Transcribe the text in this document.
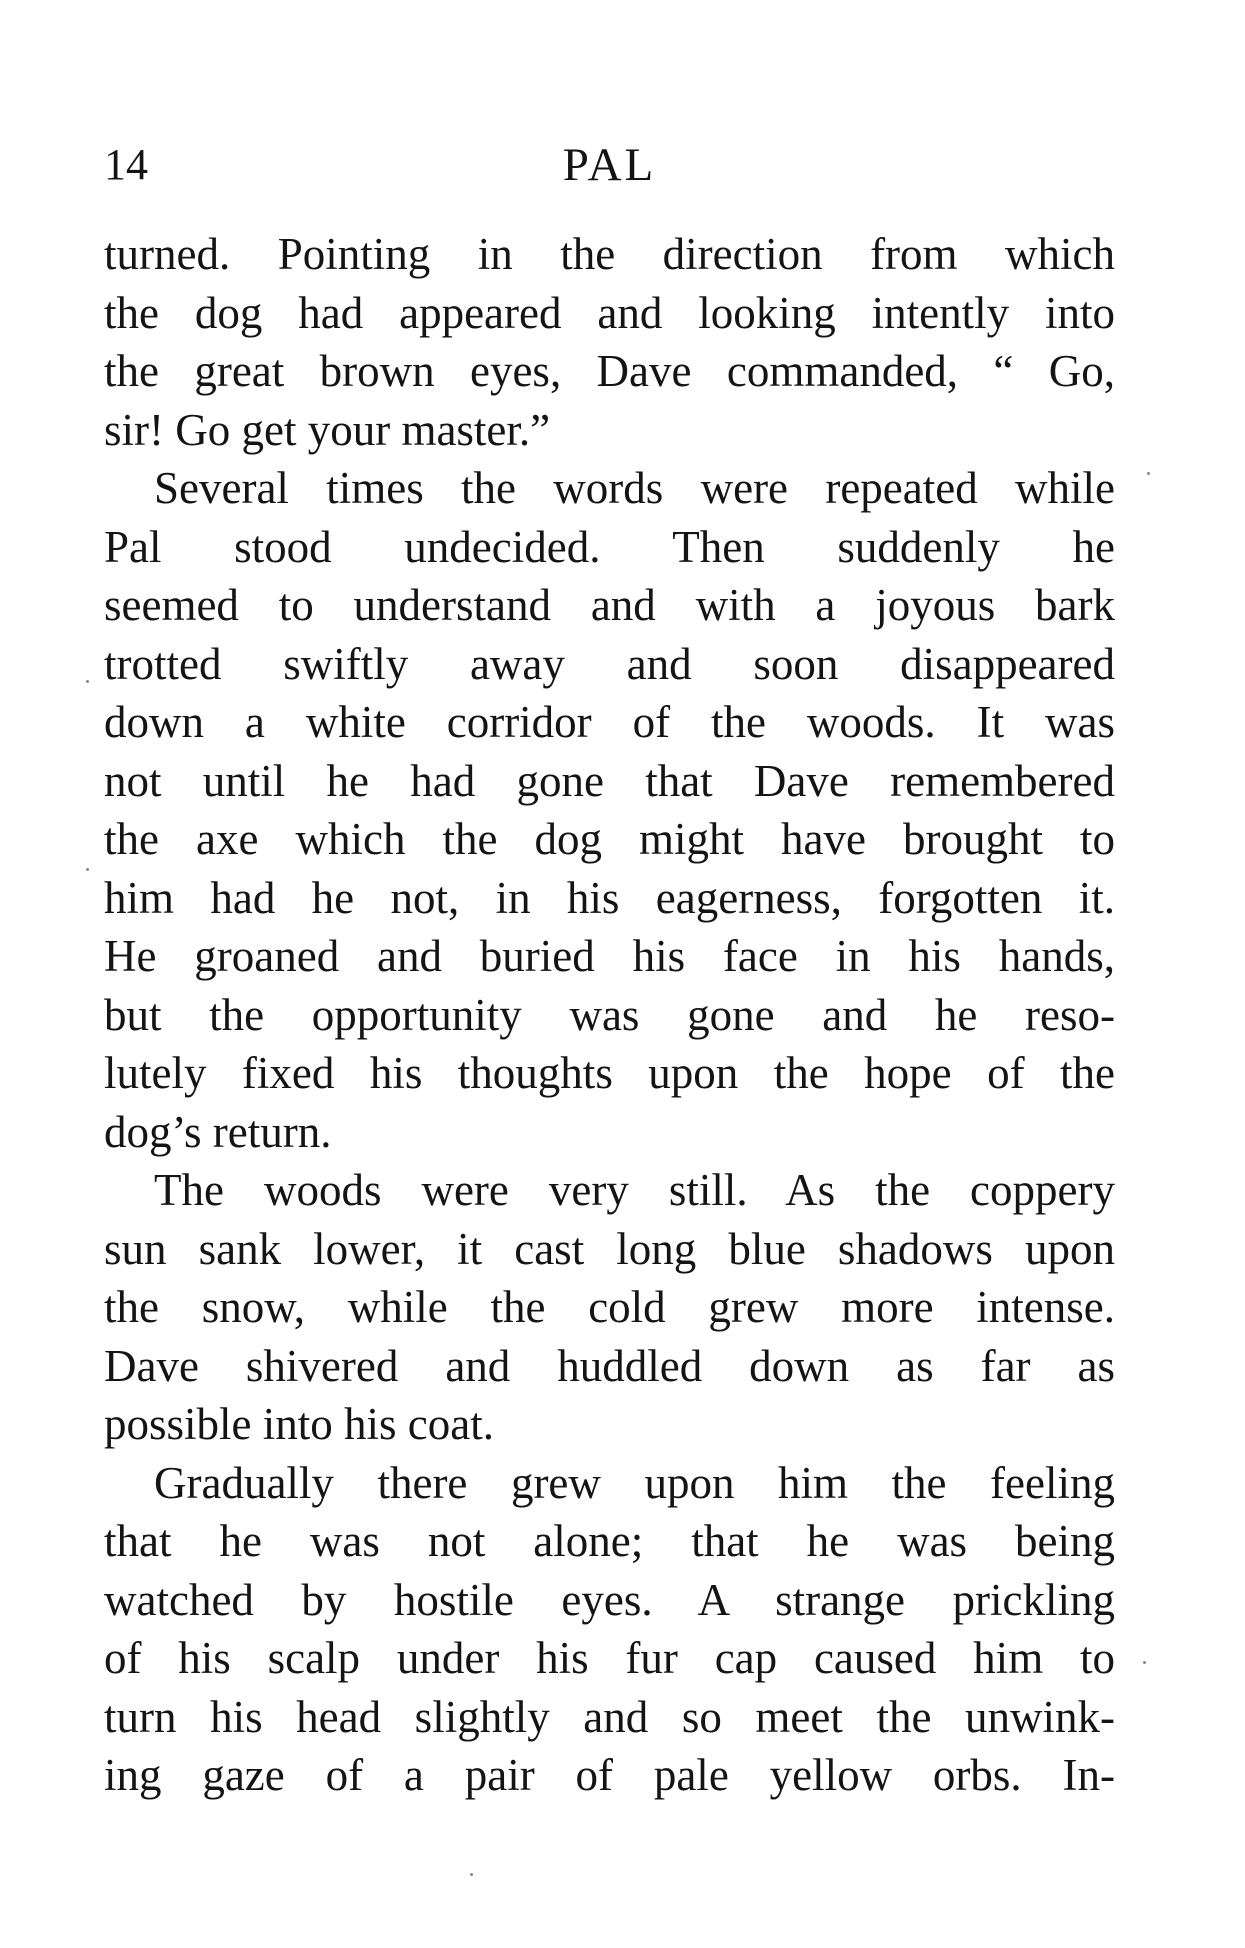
14	PAL
turned. Pointing in the direction from which
the dog had appeared and looking intently into
the great brown eyes, Dave commanded, “ Go,
sir! Go get your master.”
Several times the words were repeated while
Pal stood undecided. Then suddenly he
seemed to understand and with a joyous bark
trotted swiftly away and soon disappeared
down a white corridor of the woods. It was
not until he had gone that Dave remembered
the axe which the dog might have brought to
him had he not, in his eagerness, forgotten it.
He groaned and buried his face in his hands,
but the opportunity was gone and he reso-
lutely fixed his thoughts upon the hope of the
dog’s return.
The woods were very still. As the coppery
sun sank lower, it cast long blue shadows upon
the snow, while the cold grew more intense.
Dave shivered and huddled down as far as
possible into his coat.
Gradually there grew upon him the feeling
that he was not alone; that he was being
watched by hostile eyes. A strange prickling
of his scalp under his fur cap caused him to
turn his head slightly and so meet the unwink-
ing gaze of a pair of pale yellow orbs. In-
